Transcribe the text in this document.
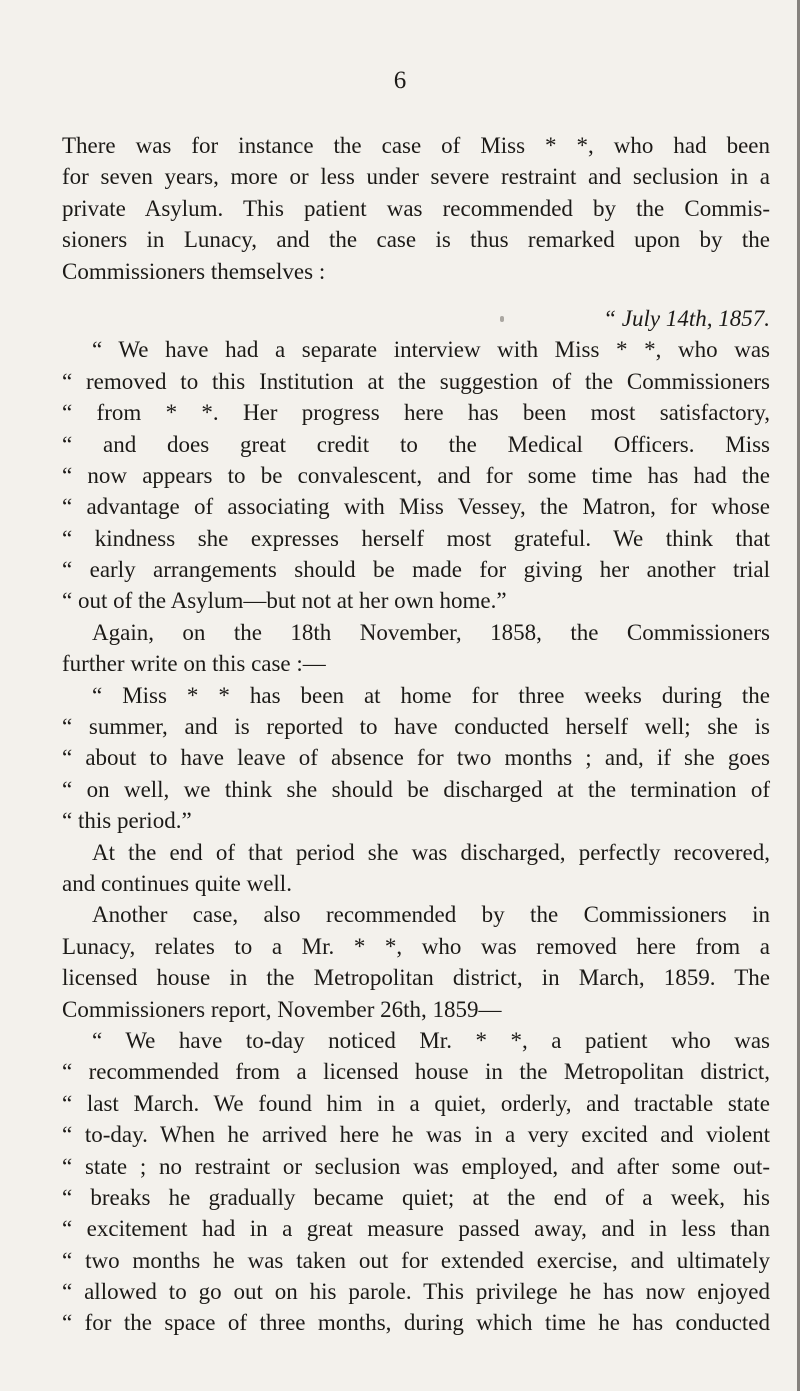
6
There was for instance the case of Miss * *, who had been
for seven years, more or less under severe restraint and seclusion in a
private Asylum. This patient was recommended by the Commis-
sioners in Lunacy, and the case is thus remarked upon by the
Commissioners themselves :
“ July 14th, 1857.
“ We have had a separate interview with Miss * *, who was
“ removed to this Institution at the suggestion of the Commissioners
“ from * *. Her progress here has been most satisfactory,
“ and does great credit to the Medical Officers. Miss
“ now appears to be convalescent, and for some time has had the
“ advantage of associating with Miss Vessey, the Matron, for whose
“ kindness she expresses herself most grateful. We think that
“ early arrangements should be made for giving her another trial
“ out of the Asylum—but not at her own home.”
Again, on the 18th November, 1858, the Commissioners
further write on this case :—
“ Miss * * has been at home for three weeks during the
“ summer, and is reported to have conducted herself well; she is
“ about to have leave of absence for two months ; and, if she goes
“ on well, we think she should be discharged at the termination of
“ this period.”
At the end of that period she was discharged, perfectly recovered,
and continues quite well.
Another case, also recommended by the Commissioners in
Lunacy, relates to a Mr. * *, who was removed here from a
licensed house in the Metropolitan district, in March, 1859. The
Commissioners report, November 26th, 1859—
“ We have to-day noticed Mr. * *, a patient who was
“ recommended from a licensed house in the Metropolitan district,
“ last March. We found him in a quiet, orderly, and tractable state
“ to-day. When he arrived here he was in a very excited and violent
“ state ; no restraint or seclusion was employed, and after some out-
“ breaks he gradually became quiet; at the end of a week, his
“ excitement had in a great measure passed away, and in less than
“ two months he was taken out for extended exercise, and ultimately
“ allowed to go out on his parole. This privilege he has now enjoyed
“ for the space of three months, during which time he has conducted
